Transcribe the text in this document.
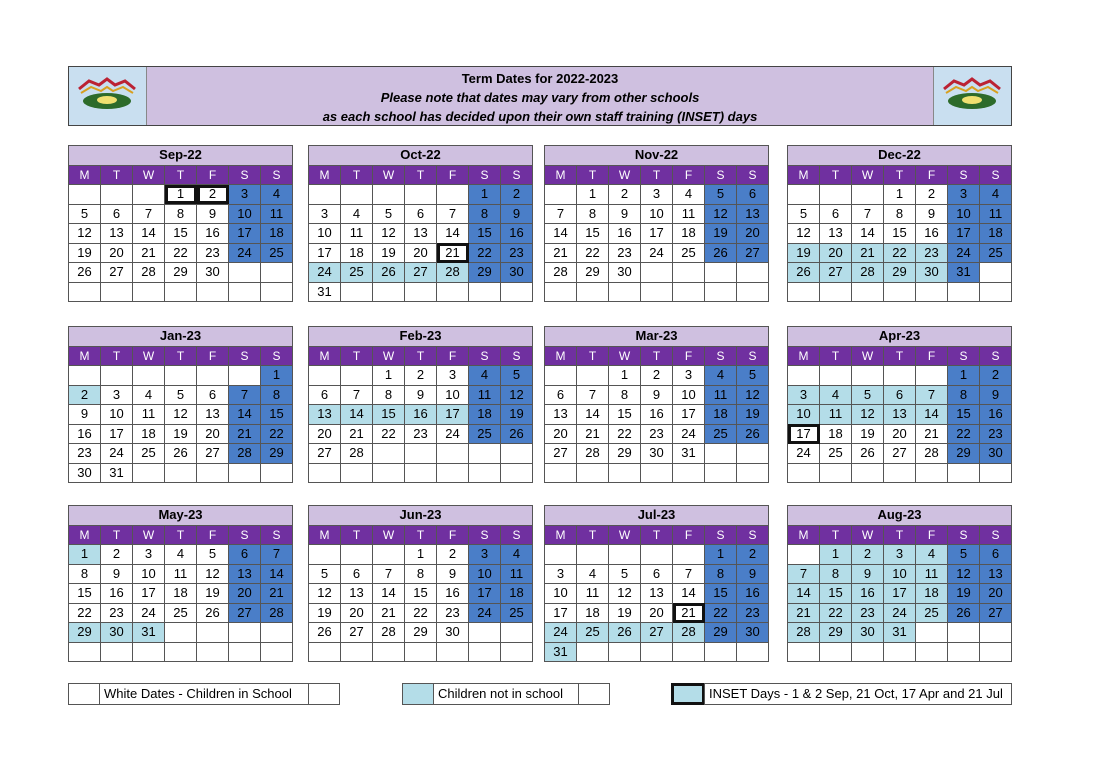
Term Dates for 2022-2023
Please note that dates may vary from other schools
as each school has decided upon their own staff training (INSET) days
Sep-22						
M	T	W	T	F	S	S
			1	2	3	4
5	6	7	8	9	10	11
12	13	14	15	16	17	18
19	20	21	22	23	24	25
26	27	28	29	30		

Oct-22						
M	T	W	T	F	S	S
					1	2
3	4	5	6	7	8	9
10	11	12	13	14	15	16
17	18	19	20	21	22	23
24	25	26	27	28	29	30
31						
Nov-22						
M	T	W	T	F	S	S
	1	2	3	4	5	6
7	8	9	10	11	12	13
14	15	16	17	18	19	20
21	22	23	24	25	26	27
28	29	30				

Dec-22						
M	T	W	T	F	S	S
			1	2	3	4
5	6	7	8	9	10	11
12	13	14	15	16	17	18
19	20	21	22	23	24	25
26	27	28	29	30	31	

Jan-23						
M	T	W	T	F	S	S
						1
2	3	4	5	6	7	8
9	10	11	12	13	14	15
16	17	18	19	20	21	22
23	24	25	26	27	28	29
30	31					
Feb-23						
M	T	W	T	F	S	S
		1	2	3	4	5
6	7	8	9	10	11	12
13	14	15	16	17	18	19
20	21	22	23	24	25	26
27	28					

Mar-23						
M	T	W	T	F	S	S
		1	2	3	4	5
6	7	8	9	10	11	12
13	14	15	16	17	18	19
20	21	22	23	24	25	26
27	28	29	30	31		

Apr-23						
M	T	W	T	F	S	S
					1	2
3	4	5	6	7	8	9
10	11	12	13	14	15	16
17	18	19	20	21	22	23
24	25	26	27	28	29	30

May-23						
M	T	W	T	F	S	S
1	2	3	4	5	6	7
8	9	10	11	12	13	14
15	16	17	18	19	20	21
22	23	24	25	26	27	28
29	30	31				

Jun-23						
M	T	W	T	F	S	S
			1	2	3	4
5	6	7	8	9	10	11
12	13	14	15	16	17	18
19	20	21	22	23	24	25
26	27	28	29	30		

Jul-23						
M	T	W	T	F	S	S
					1	2
3	4	5	6	7	8	9
10	11	12	13	14	15	16
17	18	19	20	21	22	23
24	25	26	27	28	29	30
31						
Aug-23						
M	T	W	T	F	S	S
	1	2	3	4	5	6
7	8	9	10	11	12	13
14	15	16	17	18	19	20
21	22	23	24	25	26	27
28	29	30	31			

White Dates - Children in School	Children not in school	INSET Days - 1 & 2 Sep, 21 Oct, 17 Apr and 21 Jul
